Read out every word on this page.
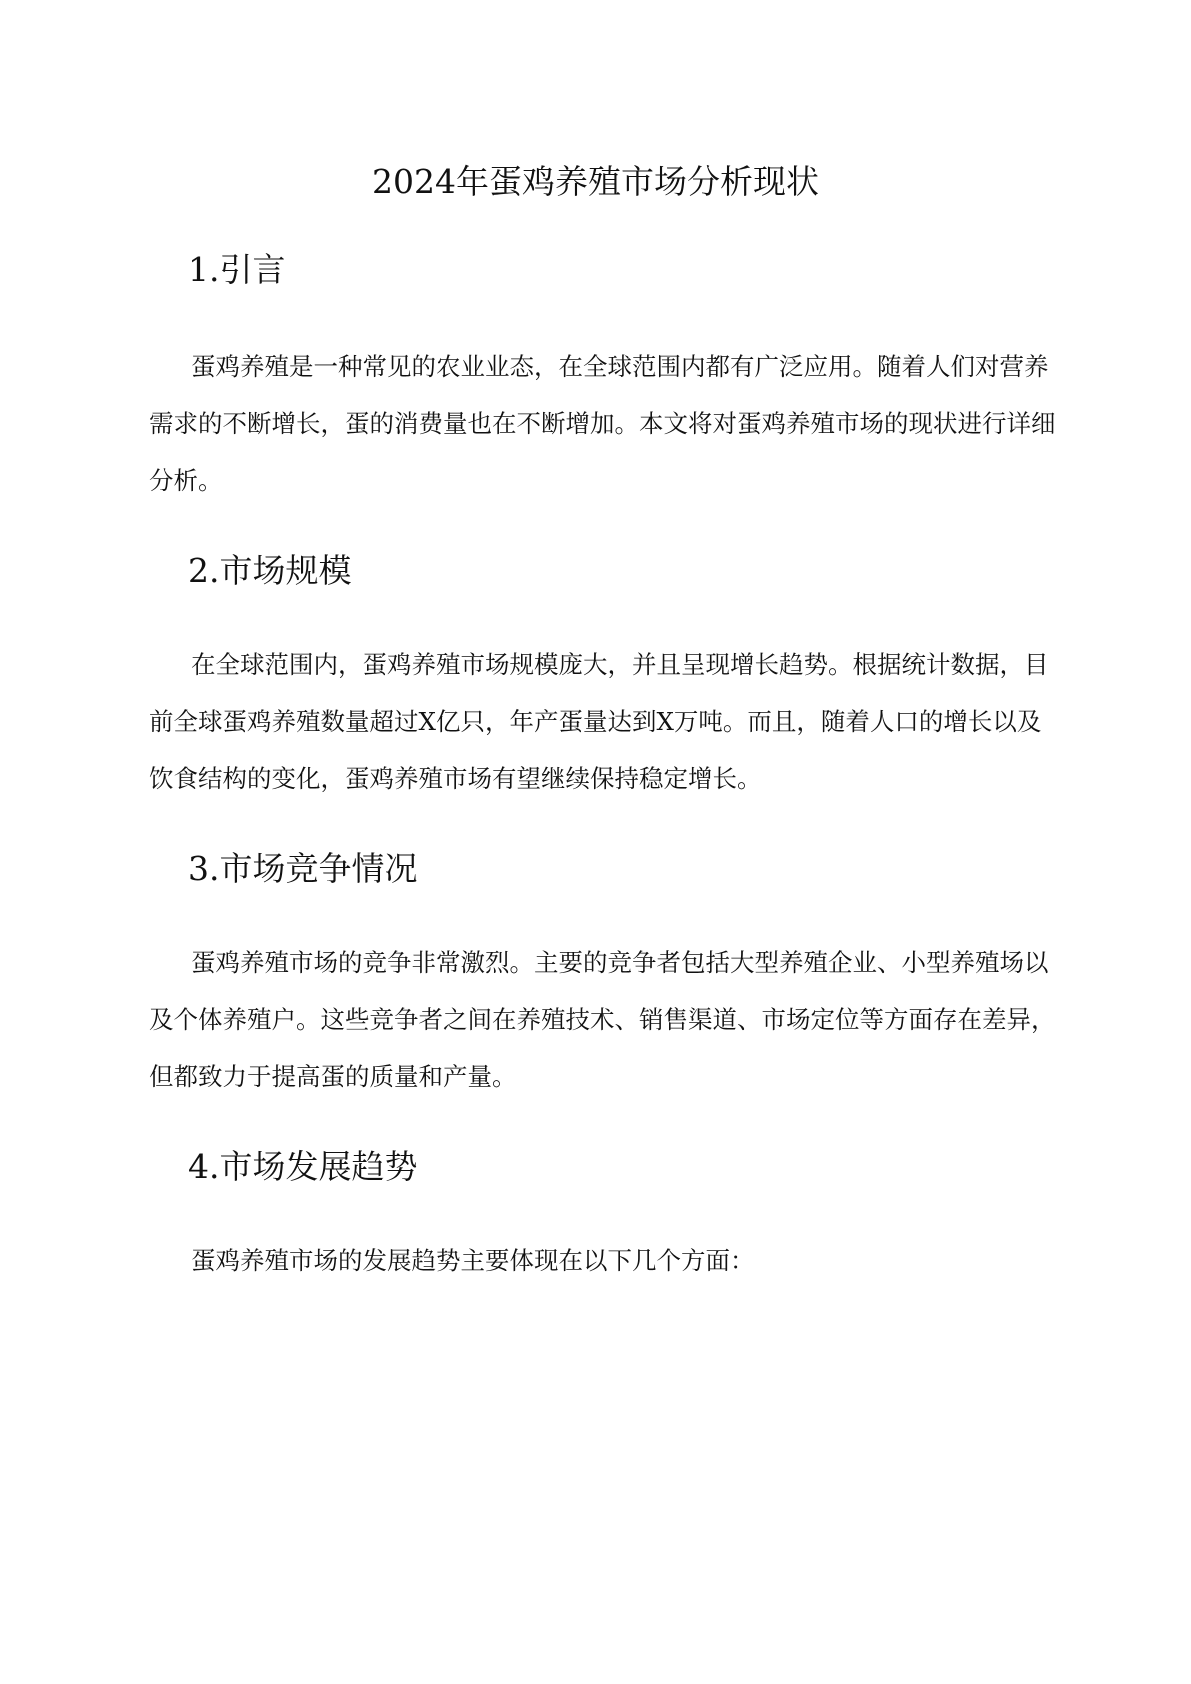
2024年蛋鸡养殖市场分析现状
1.引言
蛋鸡养殖是一种常见的农业业态，在全球范围内都有广泛应用。随着人们对营养
需求的不断增长，蛋的消费量也在不断增加。本文将对蛋鸡养殖市场的现状进行详细
分析。
2.市场规模
在全球范围内，蛋鸡养殖市场规模庞大，并且呈现增长趋势。根据统计数据，目
前全球蛋鸡养殖数量超过X亿只，年产蛋量达到X万吨。而且，随着人口的增长以及
饮食结构的变化，蛋鸡养殖市场有望继续保持稳定增长。
3.市场竞争情况
蛋鸡养殖市场的竞争非常激烈。主要的竞争者包括大型养殖企业、小型养殖场以
及个体养殖户。这些竞争者之间在养殖技术、销售渠道、市场定位等方面存在差异，
但都致力于提高蛋的质量和产量。
4.市场发展趋势
蛋鸡养殖市场的发展趋势主要体现在以下几个方面：
